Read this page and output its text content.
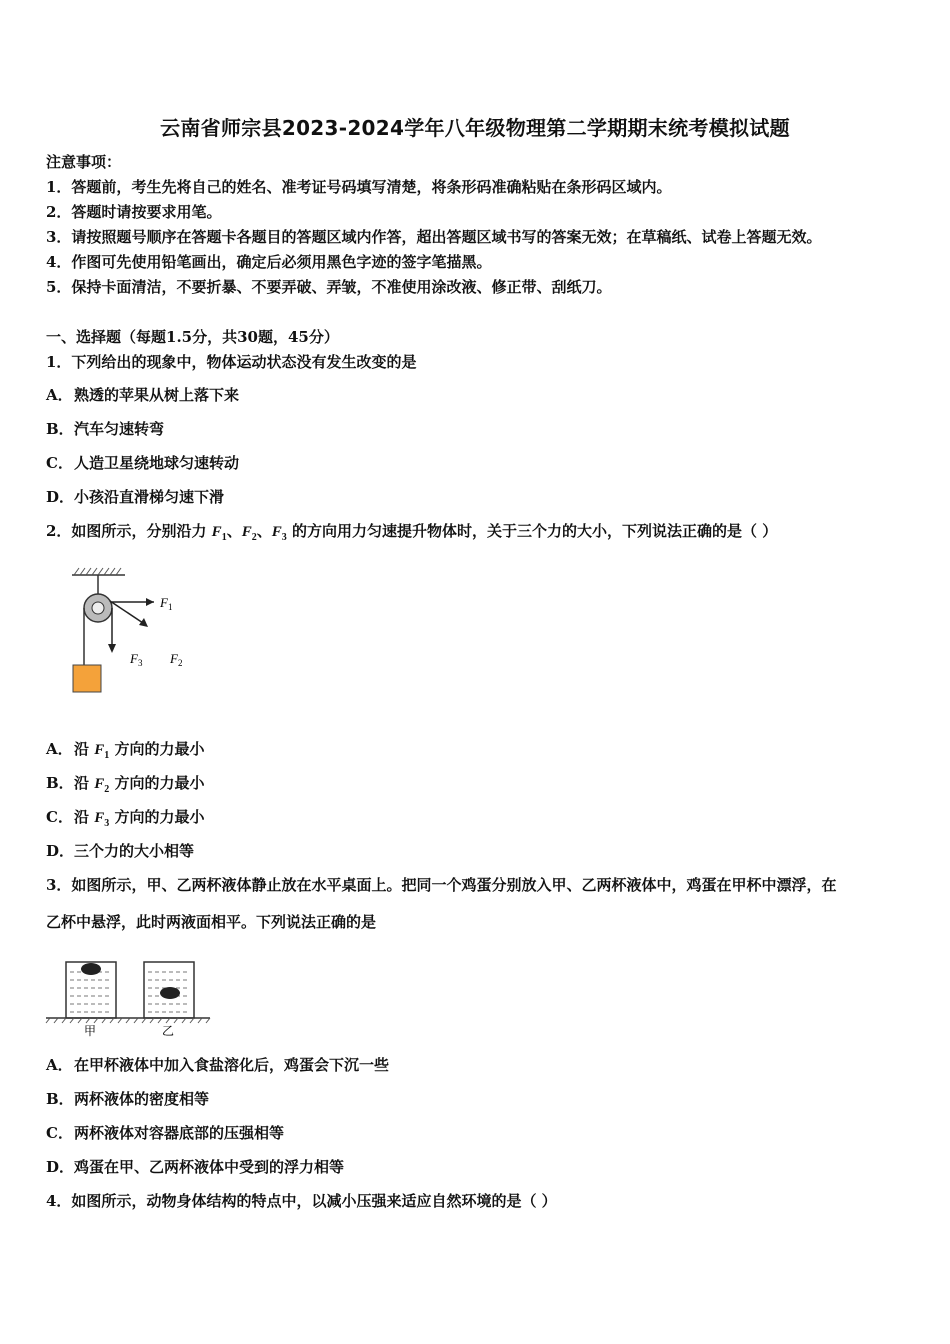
云南省师宗县2023-2024学年八年级物理第二学期期末统考模拟试题
注意事项：
1．答题前，考生先将自己的姓名、准考证号码填写清楚，将条形码准确粘贴在条形码区域内。
2．答题时请按要求用笔。
3．请按照题号顺序在答题卡各题目的答题区域内作答，超出答题区域书写的答案无效；在草稿纸、试卷上答题无效。
4．作图可先使用铅笔画出，确定后必须用黑色字迹的签字笔描黑。
5．保持卡面清洁，不要折暴、不要弄破、弄皱，不准使用涂改液、修正带、刮纸刀。
一、选择题（每题1.5分，共30题，45分）
1．下列给出的现象中，物体运动状态没有发生改变的是
A．熟透的苹果从树上落下来
B．汽车匀速转弯
C．人造卫星绕地球匀速转动
D．小孩沿直滑梯匀速下滑
2．如图所示，分别沿力 $F_1$、$F_2$、$F_3$ 的方向用力匀速提升物体时，关于三个力的大小，下列说法正确的是（ ）
$F_1$
$F_2$
$F_3$
A．沿 $F_1$ 方向的力最小
B．沿 $F_2$ 方向的力最小
C．沿 $F_3$ 方向的力最小
D．三个力的大小相等
3．如图所示，甲、乙两杯液体静止放在水平桌面上。把同一个鸡蛋分别放入甲、乙两杯液体中，鸡蛋在甲杯中漂浮，在
乙杯中悬浮，此时两液面相平。下列说法正确的是
甲	乙
A．在甲杯液体中加入食盐溶化后，鸡蛋会下沉一些
B．两杯液体的密度相等
C．两杯液体对容器底部的压强相等
D．鸡蛋在甲、乙两杯液体中受到的浮力相等
4．如图所示，动物身体结构的特点中，以减小压强来适应自然环境的是（ ）
